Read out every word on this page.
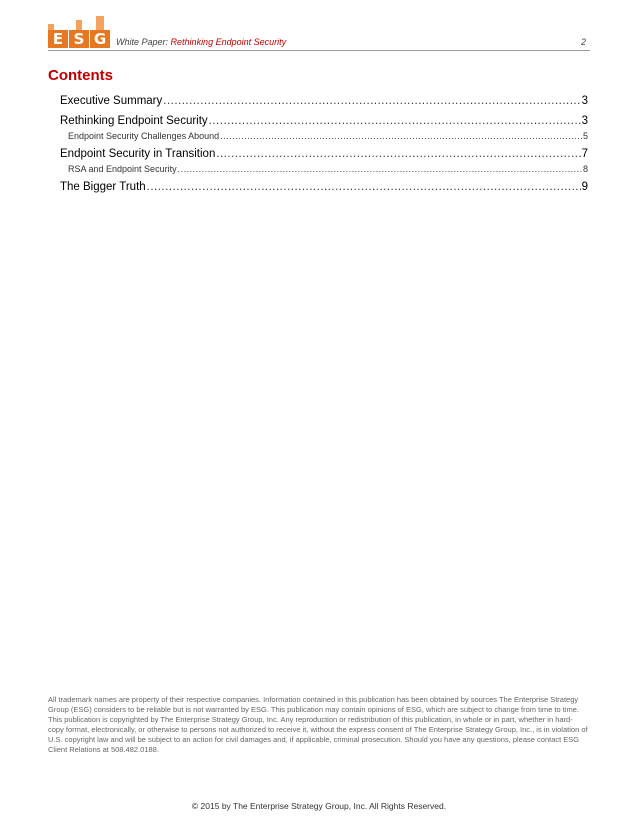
E S G	White Paper: Rethinking Endpoint Security	2
Contents
Executive Summary .....	3
Rethinking Endpoint Security .....	3
Endpoint Security Challenges Abound .....	5
Endpoint Security in Transition .....	7
RSA and Endpoint Security .....	8
The Bigger Truth .....	9
All trademark names are property of their respective companies. Information contained in this publication has been obtained by sources The Enterprise Strategy Group (ESG) considers to be reliable but is not warranted by ESG. This publication may contain opinions of ESG, which are subject to change from time to time. This publication is copyrighted by The Enterprise Strategy Group, Inc. Any reproduction or redistribution of this publication, in whole or in part, whether in hard-copy format, electronically, or otherwise to persons not authorized to receive it, without the express consent of The Enterprise Strategy Group, Inc., is in violation of U.S. copyright law and will be subject to an action for civil damages and, if applicable, criminal prosecution. Should you have any questions, please contact ESG Client Relations at 508.482.0188.
© 2015 by The Enterprise Strategy Group, Inc. All Rights Reserved.
